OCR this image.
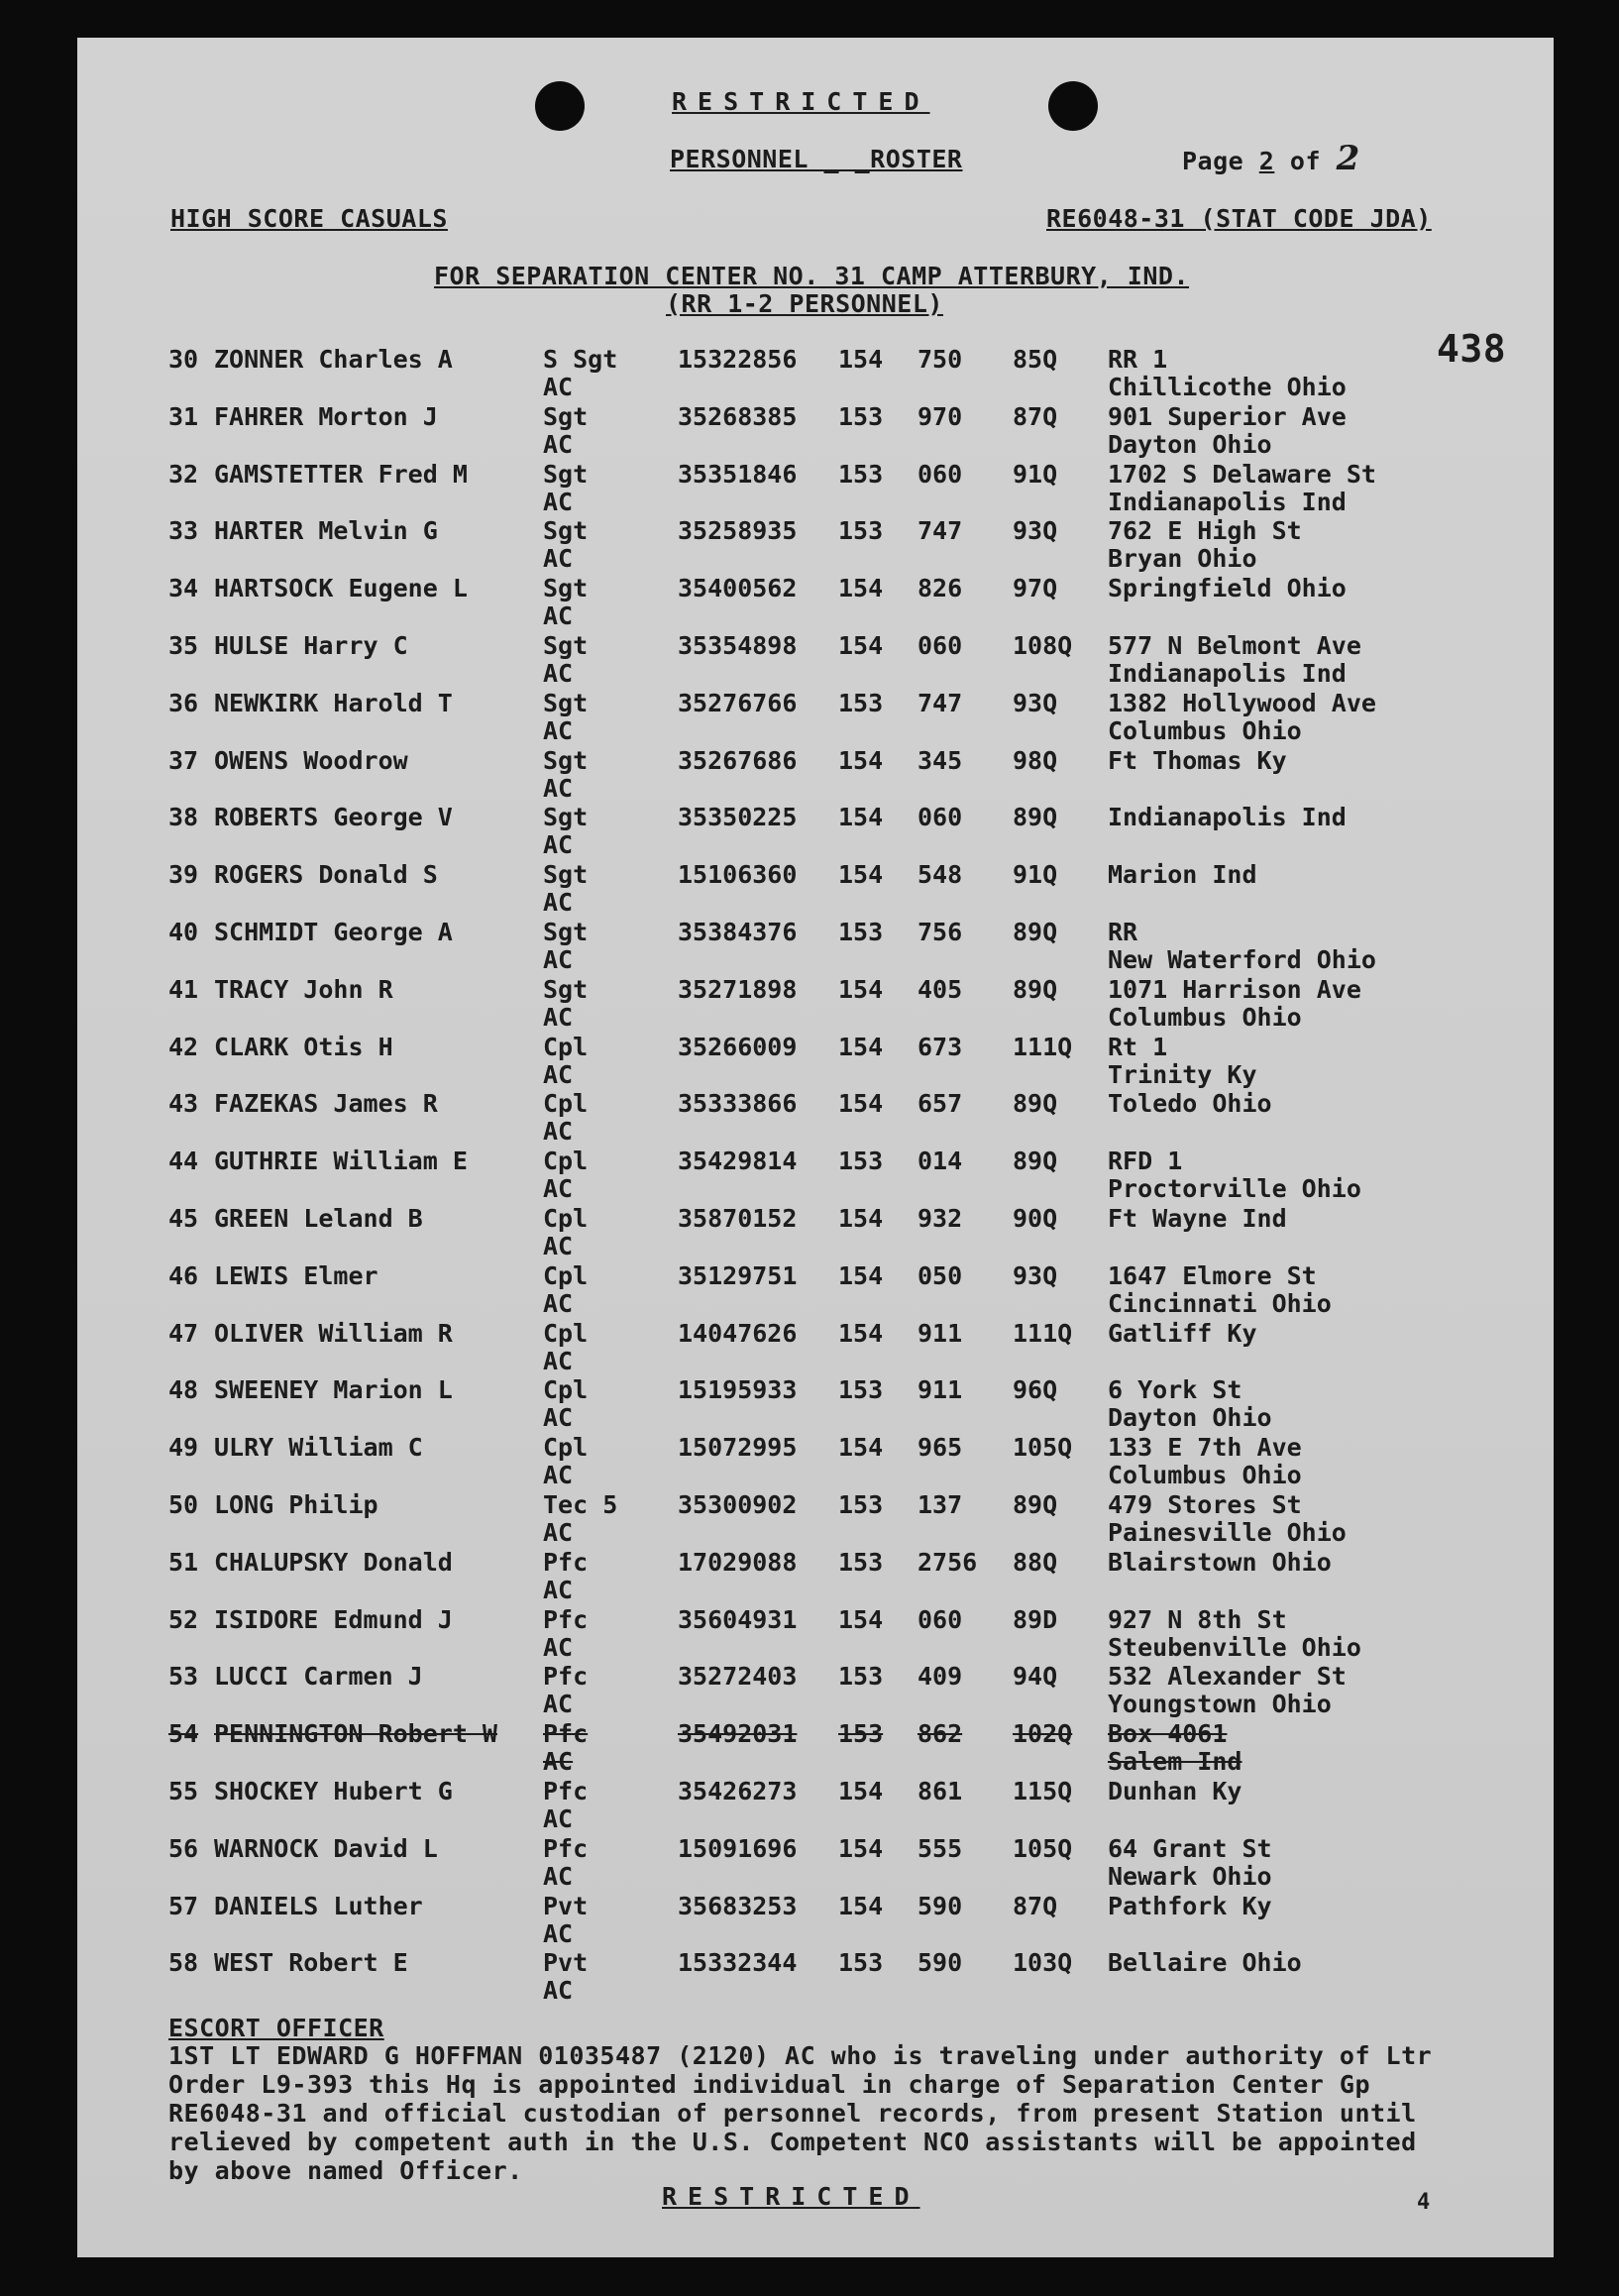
RESTRICTED
PERSONNEL _ _ROSTER	Page 2 of 2
HIGH SCORE CASUALS	RE6048-31 (STAT CODE JDA)
FOR SEPARATION CENTER NO. 31 CAMP ATTERBURY, IND.
(RR 1-2 PERSONNEL)
438
30 ZONNER Charles A	S Sgt 15322856 154 750 85Q RR 1
AC	Chillicothe Ohio
31 FAHRER Morton J	Sgt	35268385 153 970 87Q 901 Superior Ave
AC	Dayton Ohio
32 GAMSTETTER Fred M	Sgt	35351846 153 060 91Q 1702 S Delaware St
AC	Indianapolis Ind
33 HARTER Melvin G	Sgt	35258935 153 747 93Q 762 E High St
AC	Bryan Ohio
34 HARTSOCK Eugene L	Sgt	35400562 154 826 97Q Springfield Ohio
AC
35 HULSE Harry C	Sgt	35354898 154 060 108Q 577 N Belmont Ave
AC	Indianapolis Ind
36 NEWKIRK Harold T	Sgt	35276766 153 747 93Q 1382 Hollywood Ave
AC	Columbus Ohio
37 OWENS Woodrow	Sgt	35267686 154 345 98Q Ft Thomas Ky
AC
38 ROBERTS George V	Sgt	35350225 154 060 89Q Indianapolis Ind
AC
39 ROGERS Donald S	Sgt	15106360 154 548 91Q Marion Ind
AC
40 SCHMIDT George A	Sgt	35384376 153 756 89Q RR
AC	New Waterford Ohio
41 TRACY John R	Sgt	35271898 154 405 89Q 1071 Harrison Ave
AC	Columbus Ohio
42 CLARK Otis H	Cpl	35266009 154 673 111Q Rt 1
AC	Trinity Ky
43 FAZEKAS James R	Cpl	35333866 154 657 89Q Toledo Ohio
AC
44 GUTHRIE William E	Cpl	35429814 153 014 89Q RFD 1
AC	Proctorville Ohio
45 GREEN Leland B	Cpl	35870152 154 932 90Q Ft Wayne Ind
AC
46 LEWIS Elmer	Cpl	35129751 154 050 93Q 1647 Elmore St
AC	Cincinnati Ohio
47 OLIVER William R	Cpl	14047626 154 911 111Q Gatliff Ky
AC
48 SWEENEY Marion L	Cpl	15195933 153 911 96Q 6 York St
AC	Dayton Ohio
49 ULRY William C	Cpl	15072995 154 965 105Q 133 E 7th Ave
AC	Columbus Ohio
50 LONG Philip	Tec 5 35300902 153 137 89Q 479 Stores St
AC	Painesville Ohio
51 CHALUPSKY Donald	Pfc	17029088 153 2756 88Q Blairstown Ohio
AC
52 ISIDORE Edmund J	Pfc	35604931 154 060 89D 927 N 8th St
AC	Steubenville Ohio
53 LUCCI Carmen J	Pfc	35272403 153 409 94Q 532 Alexander St
AC	Youngstown Ohio
54 PENNINGTON Robert W Pfc	35492031 153 862 102Q Box 4061
AC	Salem Ind
55 SHOCKEY Hubert G	Pfc	35426273 154 861 115Q Dunhan Ky
AC
56 WARNOCK David L	Pfc	15091696 154 555 105Q 64 Grant St
AC	Newark Ohio
57 DANIELS Luther	Pvt	35683253 154 590 87Q Pathfork Ky
AC
58 WEST Robert E	Pvt	15332344 153 590 103Q Bellaire Ohio
AC
ESCORT OFFICER
1ST LT EDWARD G HOFFMAN 01035487 (2120) AC who is traveling under authority of Ltr
Order L9-393 this Hq is appointed individual in charge of Separation Center Gp
RE6048-31 and official custodian of personnel records, from present Station until
relieved by competent auth in the U.S. Competent NCO assistants will be appointed
by above named Officer.
RESTRICTED	4
